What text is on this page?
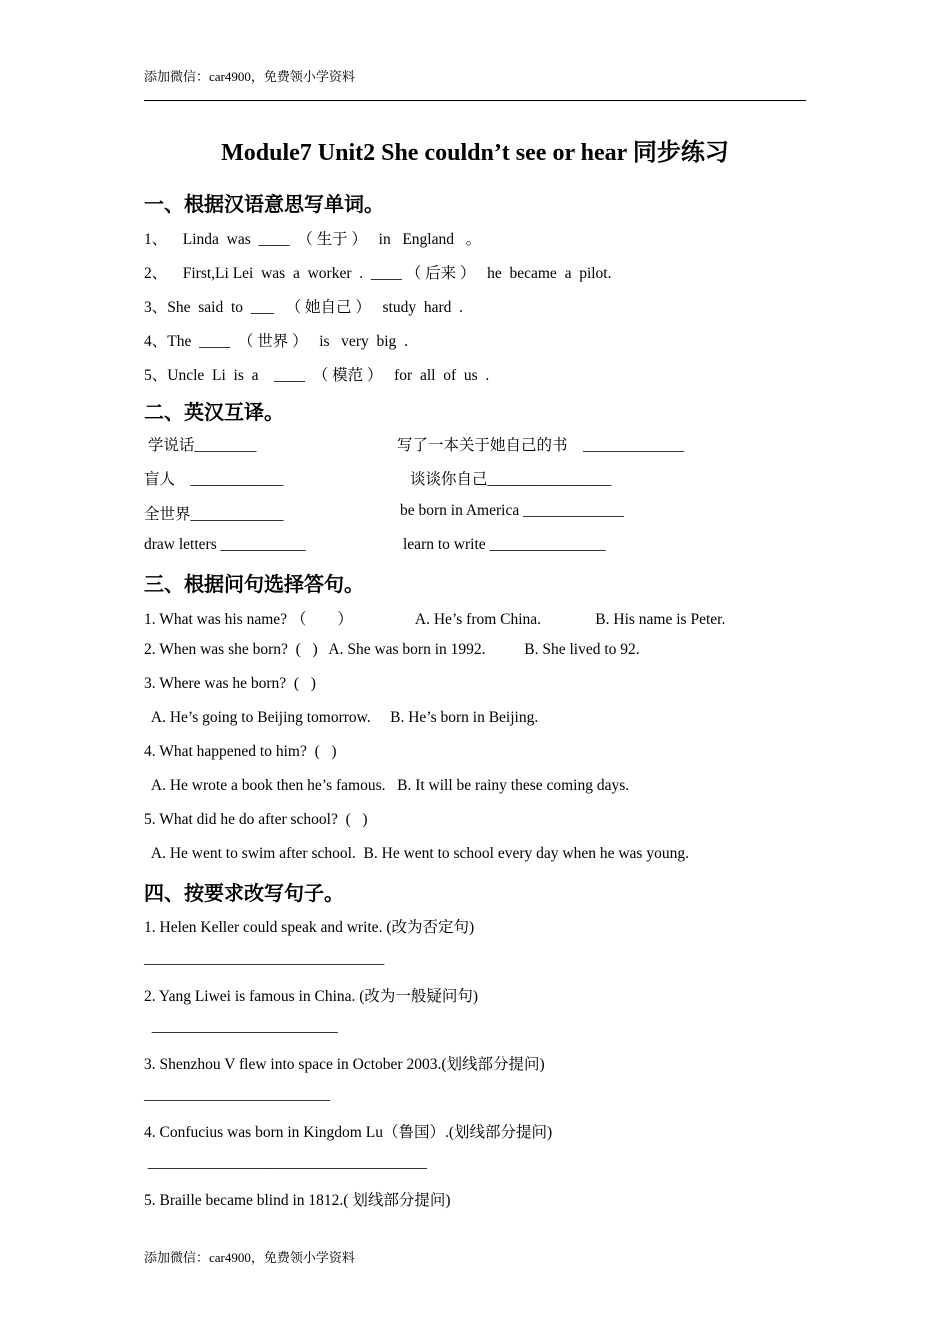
添加微信：car4900，免费领小学资料
Module7 Unit2 She couldn’t see or hear 同步练习
一、根据汉语意思写单词。
1、    Linda  was  ____  （ 生于 ）   in   England   。
2、    First,Li Lei  was  a  worker  .  ____ （ 后来 ）   he  became  a  pilot.
3、She  said  to  ___   （ 她自己 ）   study  hard  .
4、The  ____  （ 世界 ）   is   very  big  .
5、Uncle  Li  is  a    ____  （ 模范 ）   for  all  of  us  .
二、英汉互译。
学说话________	写了一本关于她自己的书    _____________
盲人    ____________	谈谈你自己________________
全世界____________	be born in America _____________
draw letters ___________	learn to write _______________
三、根据问句选择答句。
1. What was his name? （        ）                A. He’s from China.              B. His name is Peter.
2. When was she born?  (   )   A. She was born in 1992.          B. She lived to 92.
3. Where was he born?  (   )
A. He’s going to Beijing tomorrow.     B. He’s born in Beijing.
4. What happened to him?  (   )
A. He wrote a book then he’s famous.   B. It will be rainy these coming days.
5. What did he do after school?  (   )
A. He went to swim after school.  B. He went to school every day when he was young.
四、按要求改写句子。
1. Helen Keller could speak and write. (改为否定句)
_______________________________
2. Yang Liwei is famous in China. (改为一般疑问句)
________________________
3. Shenzhou V flew into space in October 2003.(划线部分提问)
________________________
4. Confucius was born in Kingdom Lu（鲁国）.(划线部分提问)
____________________________________
5. Braille became blind in 1812.( 划线部分提问)
添加微信：car4900，免费领小学资料
